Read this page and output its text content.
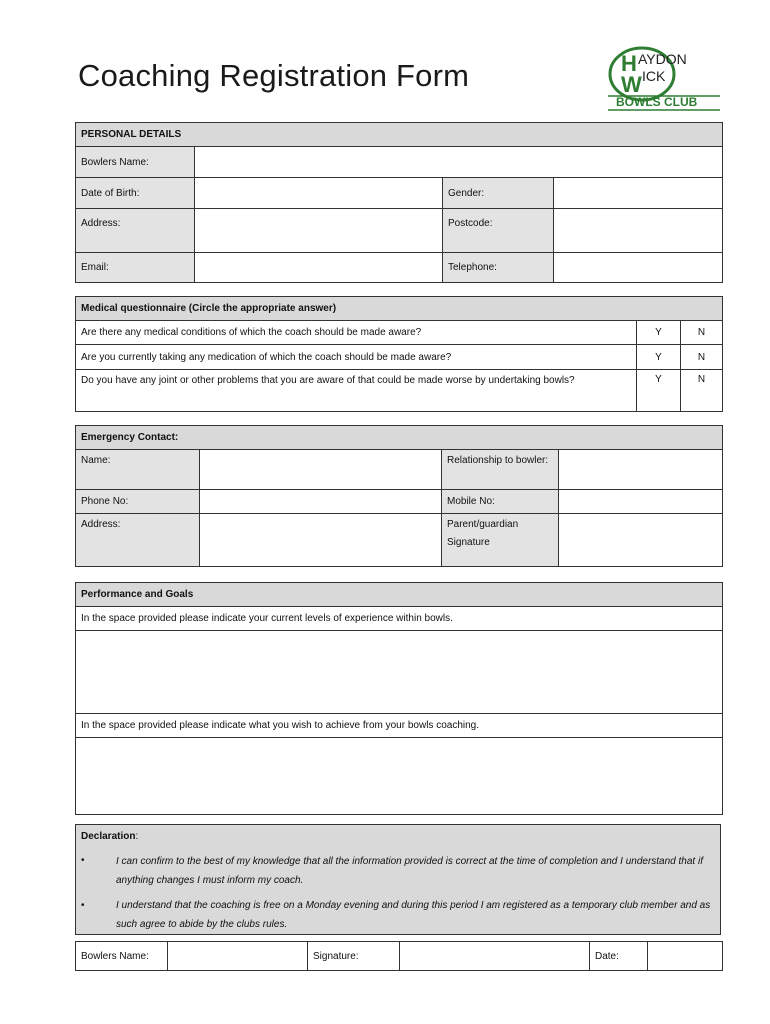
Coaching Registration Form	H
W
AYDON
ICK
BOWLS CLUB
PERSONAL DETAILS			
Bowlers Name:			
Date of Birth:		Gender:	
Address:		Postcode:	
Email:		Telephone:	
Medical questionnaire (Circle the appropriate answer)		
Are there any medical conditions of which the coach should be made aware?	Y	N
Are you currently taking any medication of which the coach should be made aware?	Y	N
Do you have any joint or other problems that you are aware of that could be made worse by undertaking bowls?	Y	N
Emergency Contact:			
Name:		Relationship to bowler:	
Phone No:		Mobile No:	
Address:		Parent/guardian Signature	
Performance and Goals
In the space provided please indicate your current levels of experience within bowls.

In the space provided please indicate what you wish to achieve from your bowls coaching.

Declaration:
•	I can confirm to the best of my knowledge that all the information provided is correct at the time of completion and I understand that if anything changes I must inform my coach.
•	I understand that the coaching is free on a Monday evening and during this period I am registered as a temporary club member and as such agree to abide by the clubs rules.
Bowlers Name:		Signature:		Date:	
